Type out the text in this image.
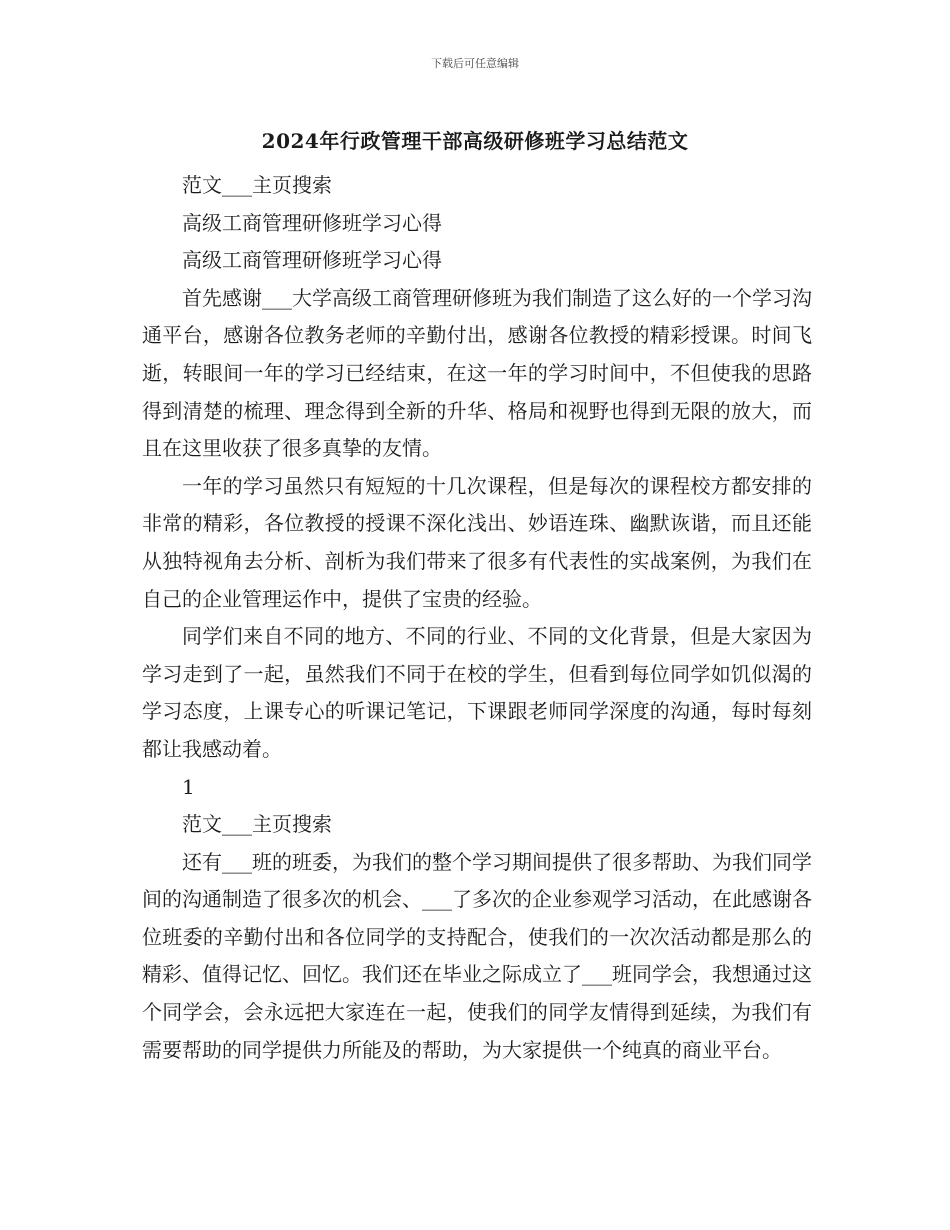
下载后可任意编辑
2024年行政管理干部高级研修班学习总结范文

范文___主页搜索

高级工商管理研修班学习心得

高级工商管理研修班学习心得

首先感谢___大学高级工商管理研修班为我们制造了这么好的一个学习沟通平台，感谢各位教务老师的辛勤付出，感谢各位教授的精彩授课。时间飞逝，转眼间一年的学习已经结束，在这一年的学习时间中，不但使我的思路得到清楚的梳理、理念得到全新的升华、格局和视野也得到无限的放大，而且在这里收获了很多真挚的友情。

一年的学习虽然只有短短的十几次课程，但是每次的课程校方都安排的非常的精彩，各位教授的授课不深化浅出、妙语连珠、幽默诙谐，而且还能从独特视角去分析、剖析为我们带来了很多有代表性的实战案例，为我们在自己的企业管理运作中，提供了宝贵的经验。

同学们来自不同的地方、不同的行业、不同的文化背景，但是大家因为学习走到了一起，虽然我们不同于在校的学生，但看到每位同学如饥似渴的学习态度，上课专心的听课记笔记，下课跟老师同学深度的沟通，每时每刻都让我感动着。

1

范文___主页搜索

还有___班的班委，为我们的整个学习期间提供了很多帮助、为我们同学间的沟通制造了很多次的机会、___了多次的企业参观学习活动，在此感谢各位班委的辛勤付出和各位同学的支持配合，使我们的一次次活动都是那么的精彩、值得记忆、回忆。我们还在毕业之际成立了___班同学会，我想通过这个同学会，会永远把大家连在一起，使我们的同学友情得到延续，为我们有需要帮助的同学提供力所能及的帮助，为大家提供一个纯真的商业平台。
